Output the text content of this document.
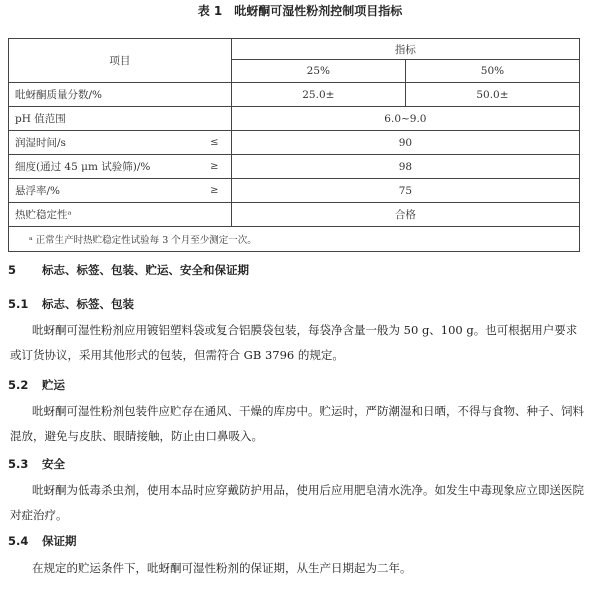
表 1　吡蚜酮可湿性粉剂控制项目指标
项目		指标	
		25%	50%
吡蚜酮质量分数/%		25.0±	50.0±
pH 值范围		6.0~9.0	
润湿时间/s	≤	90	
细度(通过 45 μm 试验筛)/%	≥	98	
悬浮率/%	≥	75	
热贮稳定性ᵃ		合格	
ᵃ 正常生产时热贮稳定性试验每 3 个月至少测定一次。			
5 标志、标签、包装、贮运、安全和保证期
5.1 标志、标签、包装
吡蚜酮可湿性粉剂应用镀铝塑料袋或复合铝膜袋包装，每袋净含量一般为 50 g、100 g。也可根据用户要求或订货协议，采用其他形式的包装，但需符合 GB 3796 的规定。
5.2 贮运
吡蚜酮可湿性粉剂包装件应贮存在通风、干燥的库房中。贮运时，严防潮湿和日晒，不得与食物、种子、饲料混放，避免与皮肤、眼睛接触，防止由口鼻吸入。
5.3 安全
吡蚜酮为低毒杀虫剂，使用本品时应穿戴防护用品，使用后应用肥皂清水洗净。如发生中毒现象应立即送医院对症治疗。
5.4 保证期
在规定的贮运条件下，吡蚜酮可湿性粉剂的保证期，从生产日期起为二年。
